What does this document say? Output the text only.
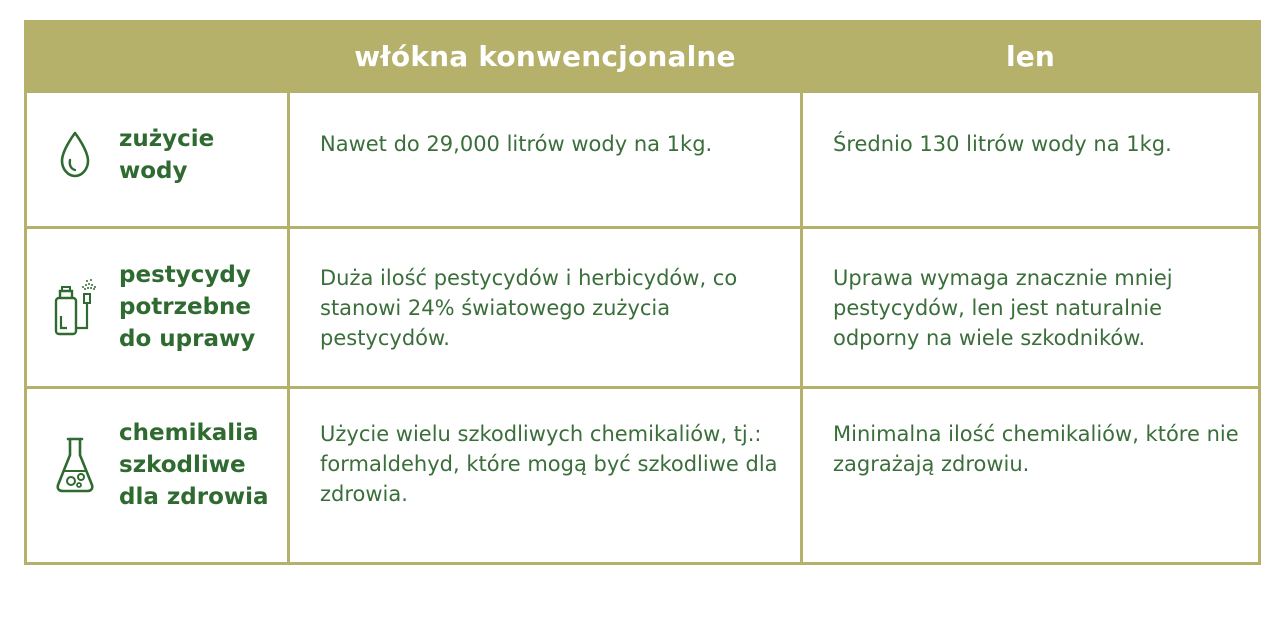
	włókna konwencjonalne	len

zużycie
wody	Nawet do 29,000 litrów wody na 1kg.	Średnio 130 litrów wody na 1kg.

pestycydy
potrzebne
do uprawy	Duża ilość pestycydów i herbicydów, co stanowi 24% światowego zużycia pestycydów.	Uprawa wymaga znacznie mniej pestycydów, len jest naturalnie odporny na wiele szkodników.

chemikalia
szkodliwe
dla zdrowia	Użycie wielu szkodliwych chemikaliów, tj.: formaldehyd, które mogą być szkodliwe dla zdrowia.	Minimalna ilość chemikaliów, które nie zagrażają zdrowiu.
